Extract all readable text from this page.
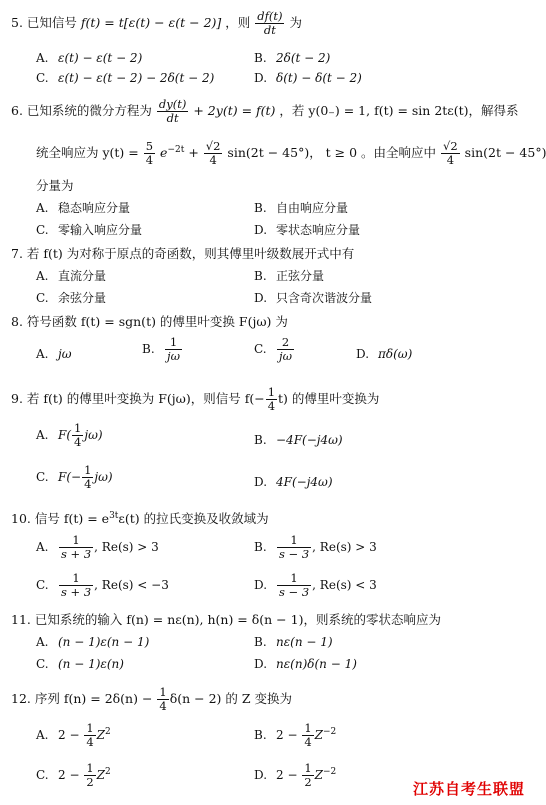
5. 已知信号 f(t) = t[ε(t) − ε(t − 2)] ，则 $\frac{df(t)}{dt}$ 为
A. ε(t) − ε(t − 2)	B. 2δ(t − 2)
C. ε(t) − ε(t − 2) − 2δ(t − 2)	D. δ(t) − δ(t − 2)
6. 已知系统的微分方程为 $\frac{dy(t)}{dt} + 2y(t) = f(t)$ ，若 y(0₋) = 1, f(t) = sin 2tε(t)，解得系
统全响应为 $y(t) = \frac{5}{4} e^{-2t} + \frac{√2}{4} \sin(2t - 45^\circ)$， t ≥ 0 。由全响应中 $\frac{√2}{4} \sin(2t - 45^\circ)$
分量为
A. 稳态响应分量	B. 自由响应分量
C. 零输入响应分量	D. 零状态响应分量
7. 若 f(t) 为对称于原点的奇函数，则其傅里叶级数展开式中有
A. 直流分量	B. 正弦分量
C. 余弦分量	D. 只含奇次谐波分量
8. 符号函数 f(t) = sgn(t) 的傅里叶变换 F(jω) 为
A. jω	B. $\frac{1}{j\omega}$	C. $\frac{2}{j\omega}$	D. πδ(ω)
9. 若 f(t) 的傅里叶变换为 F(jω)，则信号 $f(- \frac{1}{4} t)$ 的傅里叶变换为
A. $F( \frac{1}{4} j\omega)$	B. −4F(−j4ω)
C. $F(- \frac{1}{4} j\omega)$	D. 4F(−j4ω)
10. 信号 $f(t) = e^{3t}\varepsilon(t)$ 的拉氏变换及收敛域为
A. $\frac{1}{s + 3}$ , Re(s) > 3	B. $\frac{1}{s - 3}$ , Re(s) > 3
C. $\frac{1}{s + 3}$ , Re(s) < −3	D. $\frac{1}{s - 3}$ , Re(s) < 3
11. 已知系统的输入 f(n) = nε(n), h(n) = δ(n − 1)，则系统的零状态响应为
A. (n − 1)ε(n − 1)	B. nε(n − 1)
C. (n − 1)ε(n)	D. nε(n)δ(n − 1)
12. 序列 $f(n) = 2\delta(n) - \frac{1}{4} \delta(n - 2)$ 的 Z 变换为
A. $2 - \frac{1}{4} Z^2$	B. $2 - \frac{1}{4} Z^{-2}$
C. $2 - \frac{1}{2} Z^2$	D. $2 - \frac{1}{2} Z^{-2}$
江苏自考生联盟
